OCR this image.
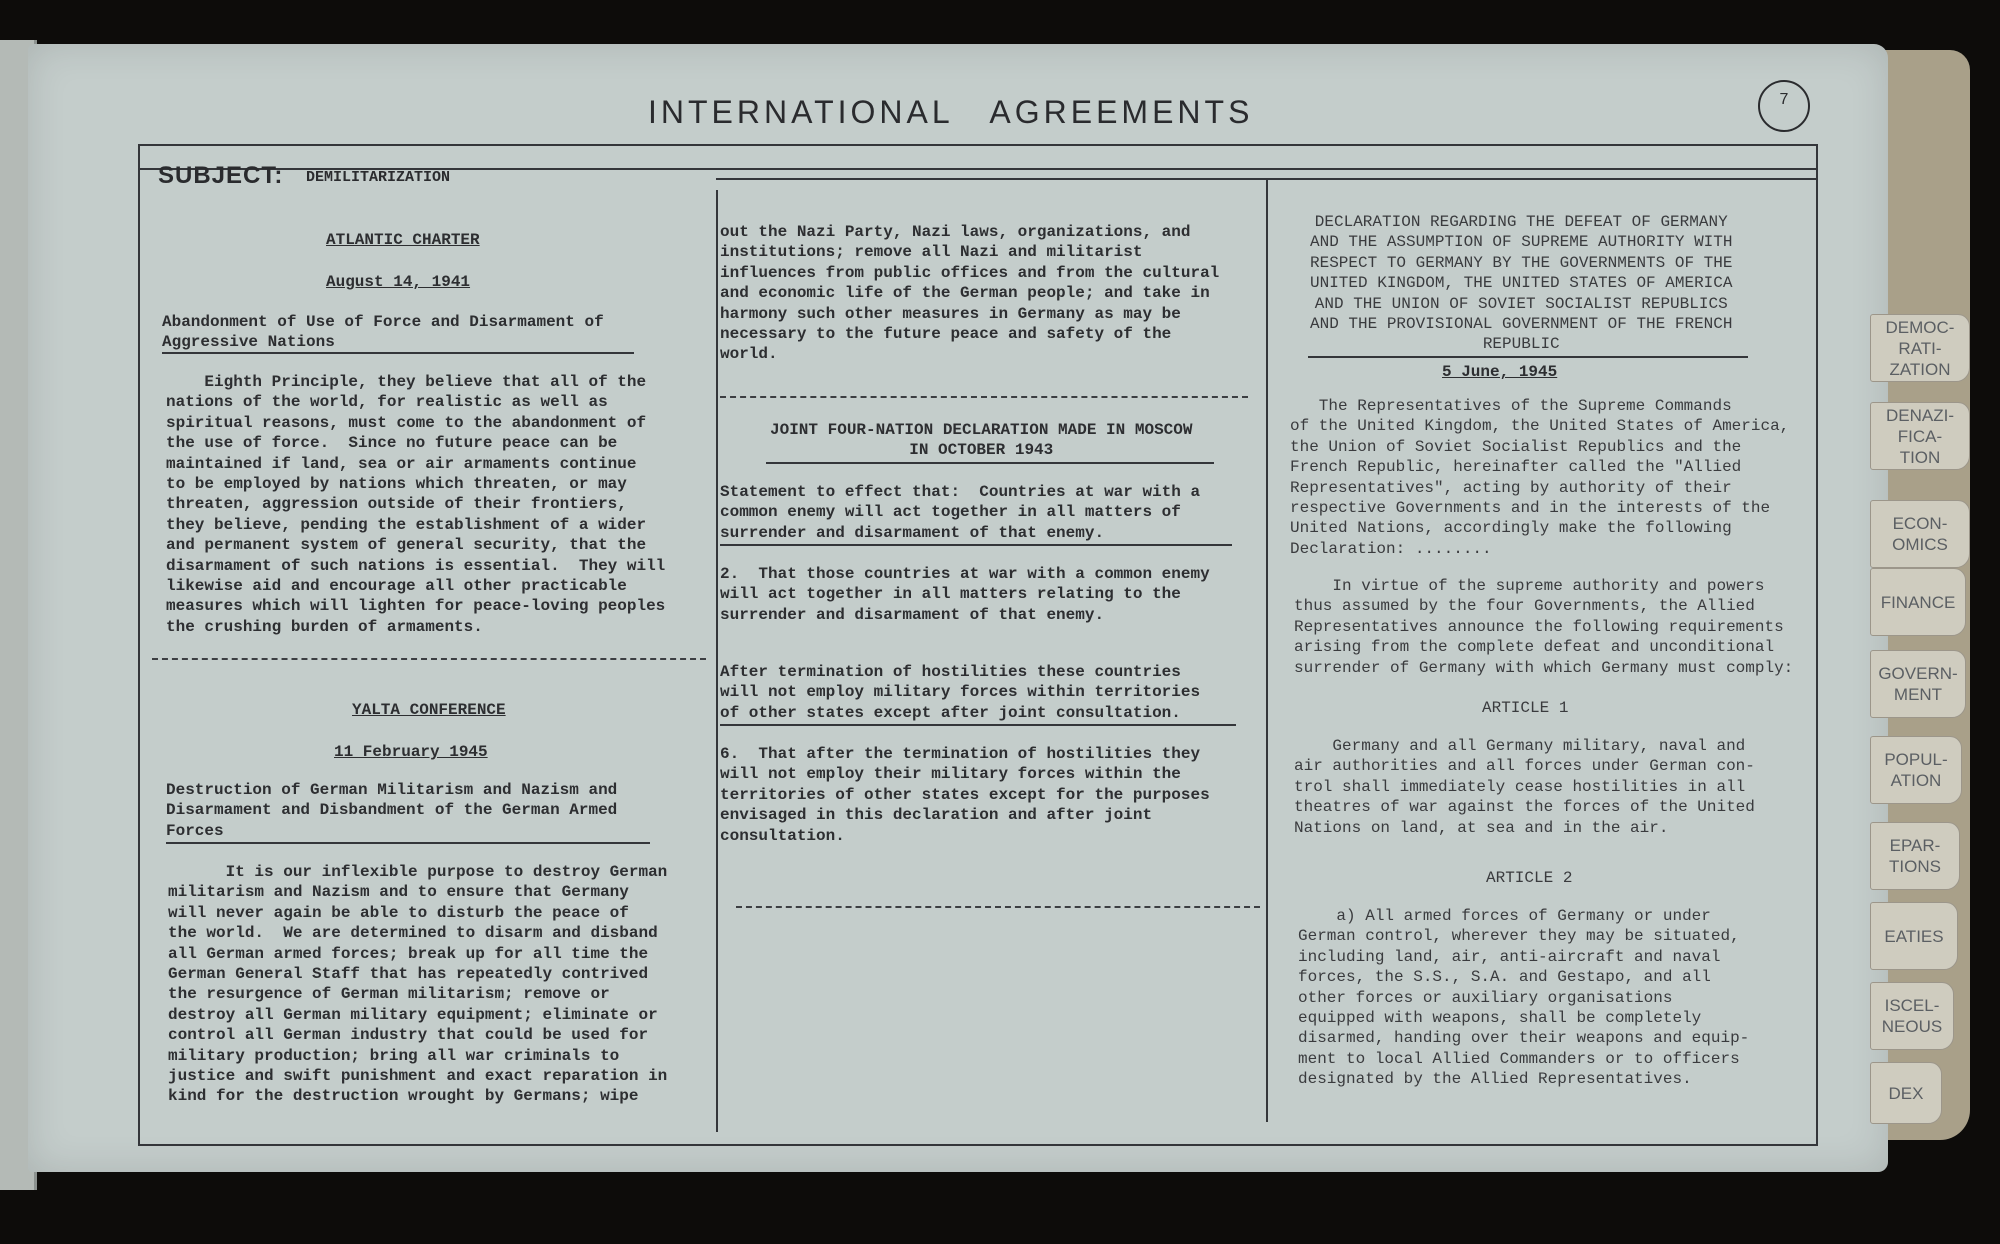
DEMOC-
RATI-
ZATION
DENAZI-
FICA-
TION
ECON-
OMICS
FINANCE
GOVERN-
MENT
POPUL-
ATION
EPAR-
TIONS
EATIES
ISCEL-
NEOUS
DEX
INTERNATIONAL   AGREEMENTS	7
SUBJECT: DEMILITARIZATION
ATLANTIC CHARTER
August 14, 1941
Abandonment of Use of Force and Disarmament of
Aggressive Nations
Eighth Principle, they believe that all of the
nations of the world, for realistic as well as
spiritual reasons, must come to the abandonment of
the use of force.  Since no future peace can be
maintained if land, sea or air armaments continue
to be employed by nations which threaten, or may
threaten, aggression outside of their frontiers,
they believe, pending the establishment of a wider
and permanent system of general security, that the
disarmament of such nations is essential.  They will
likewise aid and encourage all other practicable
measures which will lighten for peace-loving peoples
the crushing burden of armaments.
YALTA CONFERENCE
11 February 1945
Destruction of German Militarism and Nazism and
Disarmament and Disbandment of the German Armed
Forces
It is our inflexible purpose to destroy German
militarism and Nazism and to ensure that Germany
will never again be able to disturb the peace of
the world.  We are determined to disarm and disband
all German armed forces; break up for all time the
German General Staff that has repeatedly contrived
the resurgence of German militarism; remove or
destroy all German military equipment; eliminate or
control all German industry that could be used for
military production; bring all war criminals to
justice and swift punishment and exact reparation in
kind for the destruction wrought by Germans; wipe
out the Nazi Party, Nazi laws, organizations, and
institutions; remove all Nazi and militarist
influences from public offices and from the cultural
and economic life of the German people; and take in
harmony such other measures in Germany as may be
necessary to the future peace and safety of the
world.
JOINT FOUR-NATION DECLARATION MADE IN MOSCOW
IN OCTOBER 1943
Statement to effect that:  Countries at war with a
common enemy will act together in all matters of
surrender and disarmament of that enemy.
2.  That those countries at war with a common enemy
will act together in all matters relating to the
surrender and disarmament of that enemy.
After termination of hostilities these countries
will not employ military forces within territories
of other states except after joint consultation.
6.  That after the termination of hostilities they
will not employ their military forces within the
territories of other states except for the purposes
envisaged in this declaration and after joint
consultation.
DECLARATION REGARDING THE DEFEAT OF GERMANY
AND THE ASSUMPTION OF SUPREME AUTHORITY WITH
RESPECT TO GERMANY BY THE GOVERNMENTS OF THE
UNITED KINGDOM, THE UNITED STATES OF AMERICA
AND THE UNION OF SOVIET SOCIALIST REPUBLICS
AND THE PROVISIONAL GOVERNMENT OF THE FRENCH
REPUBLIC
5 June, 1945
The Representatives of the Supreme Commands
of the United Kingdom, the United States of America,
the Union of Soviet Socialist Republics and the
French Republic, hereinafter called the "Allied
Representatives", acting by authority of their
respective Governments and in the interests of the
United Nations, accordingly make the following
Declaration: ........
In virtue of the supreme authority and powers
thus assumed by the four Governments, the Allied
Representatives announce the following requirements
arising from the complete defeat and unconditional
surrender of Germany with which Germany must comply:
ARTICLE 1
Germany and all Germany military, naval and
air authorities and all forces under German con-
trol shall immediately cease hostilities in all
theatres of war against the forces of the United
Nations on land, at sea and in the air.
ARTICLE 2
a) All armed forces of Germany or under
German control, wherever they may be situated,
including land, air, anti-aircraft and naval
forces, the S.S., S.A. and Gestapo, and all
other forces or auxiliary organisations
equipped with weapons, shall be completely
disarmed, handing over their weapons and equip-
ment to local Allied Commanders or to officers
designated by the Allied Representatives.
